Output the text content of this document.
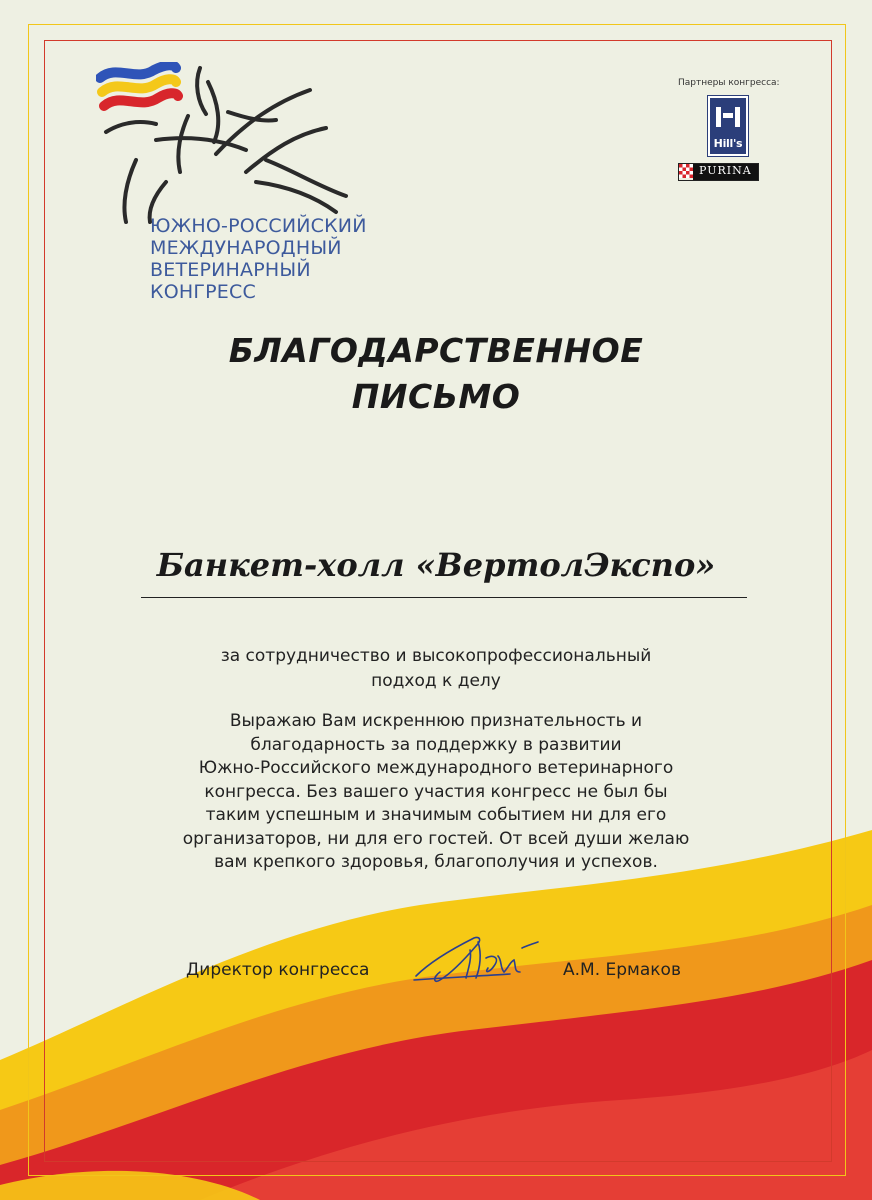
ЮЖНО-РОССИЙСКИЙ
МЕЖДУНАРОДНЫЙ
ВЕТЕРИНАРНЫЙ
КОНГРЕСС
Партнеры конгресса:
Hill's
PURINA
БЛАГОДАРСТВЕННОЕ
ПИСЬМО
Банкет-холл «ВертолЭкспо»
за сотрудничество и высокопрофессиональный
подход к делу
Выражаю Вам искреннюю признательность и
благодарность за поддержку в развитии
Южно-Российского международного ветеринарного
конгресса. Без вашего участия конгресс не был бы
таким успешным и значимым событием ни для его
организаторов, ни для его гостей. От всей души желаю
вам крепкого здоровья, благополучия и успехов.
Директор конгресса	А.М. Ермаков
